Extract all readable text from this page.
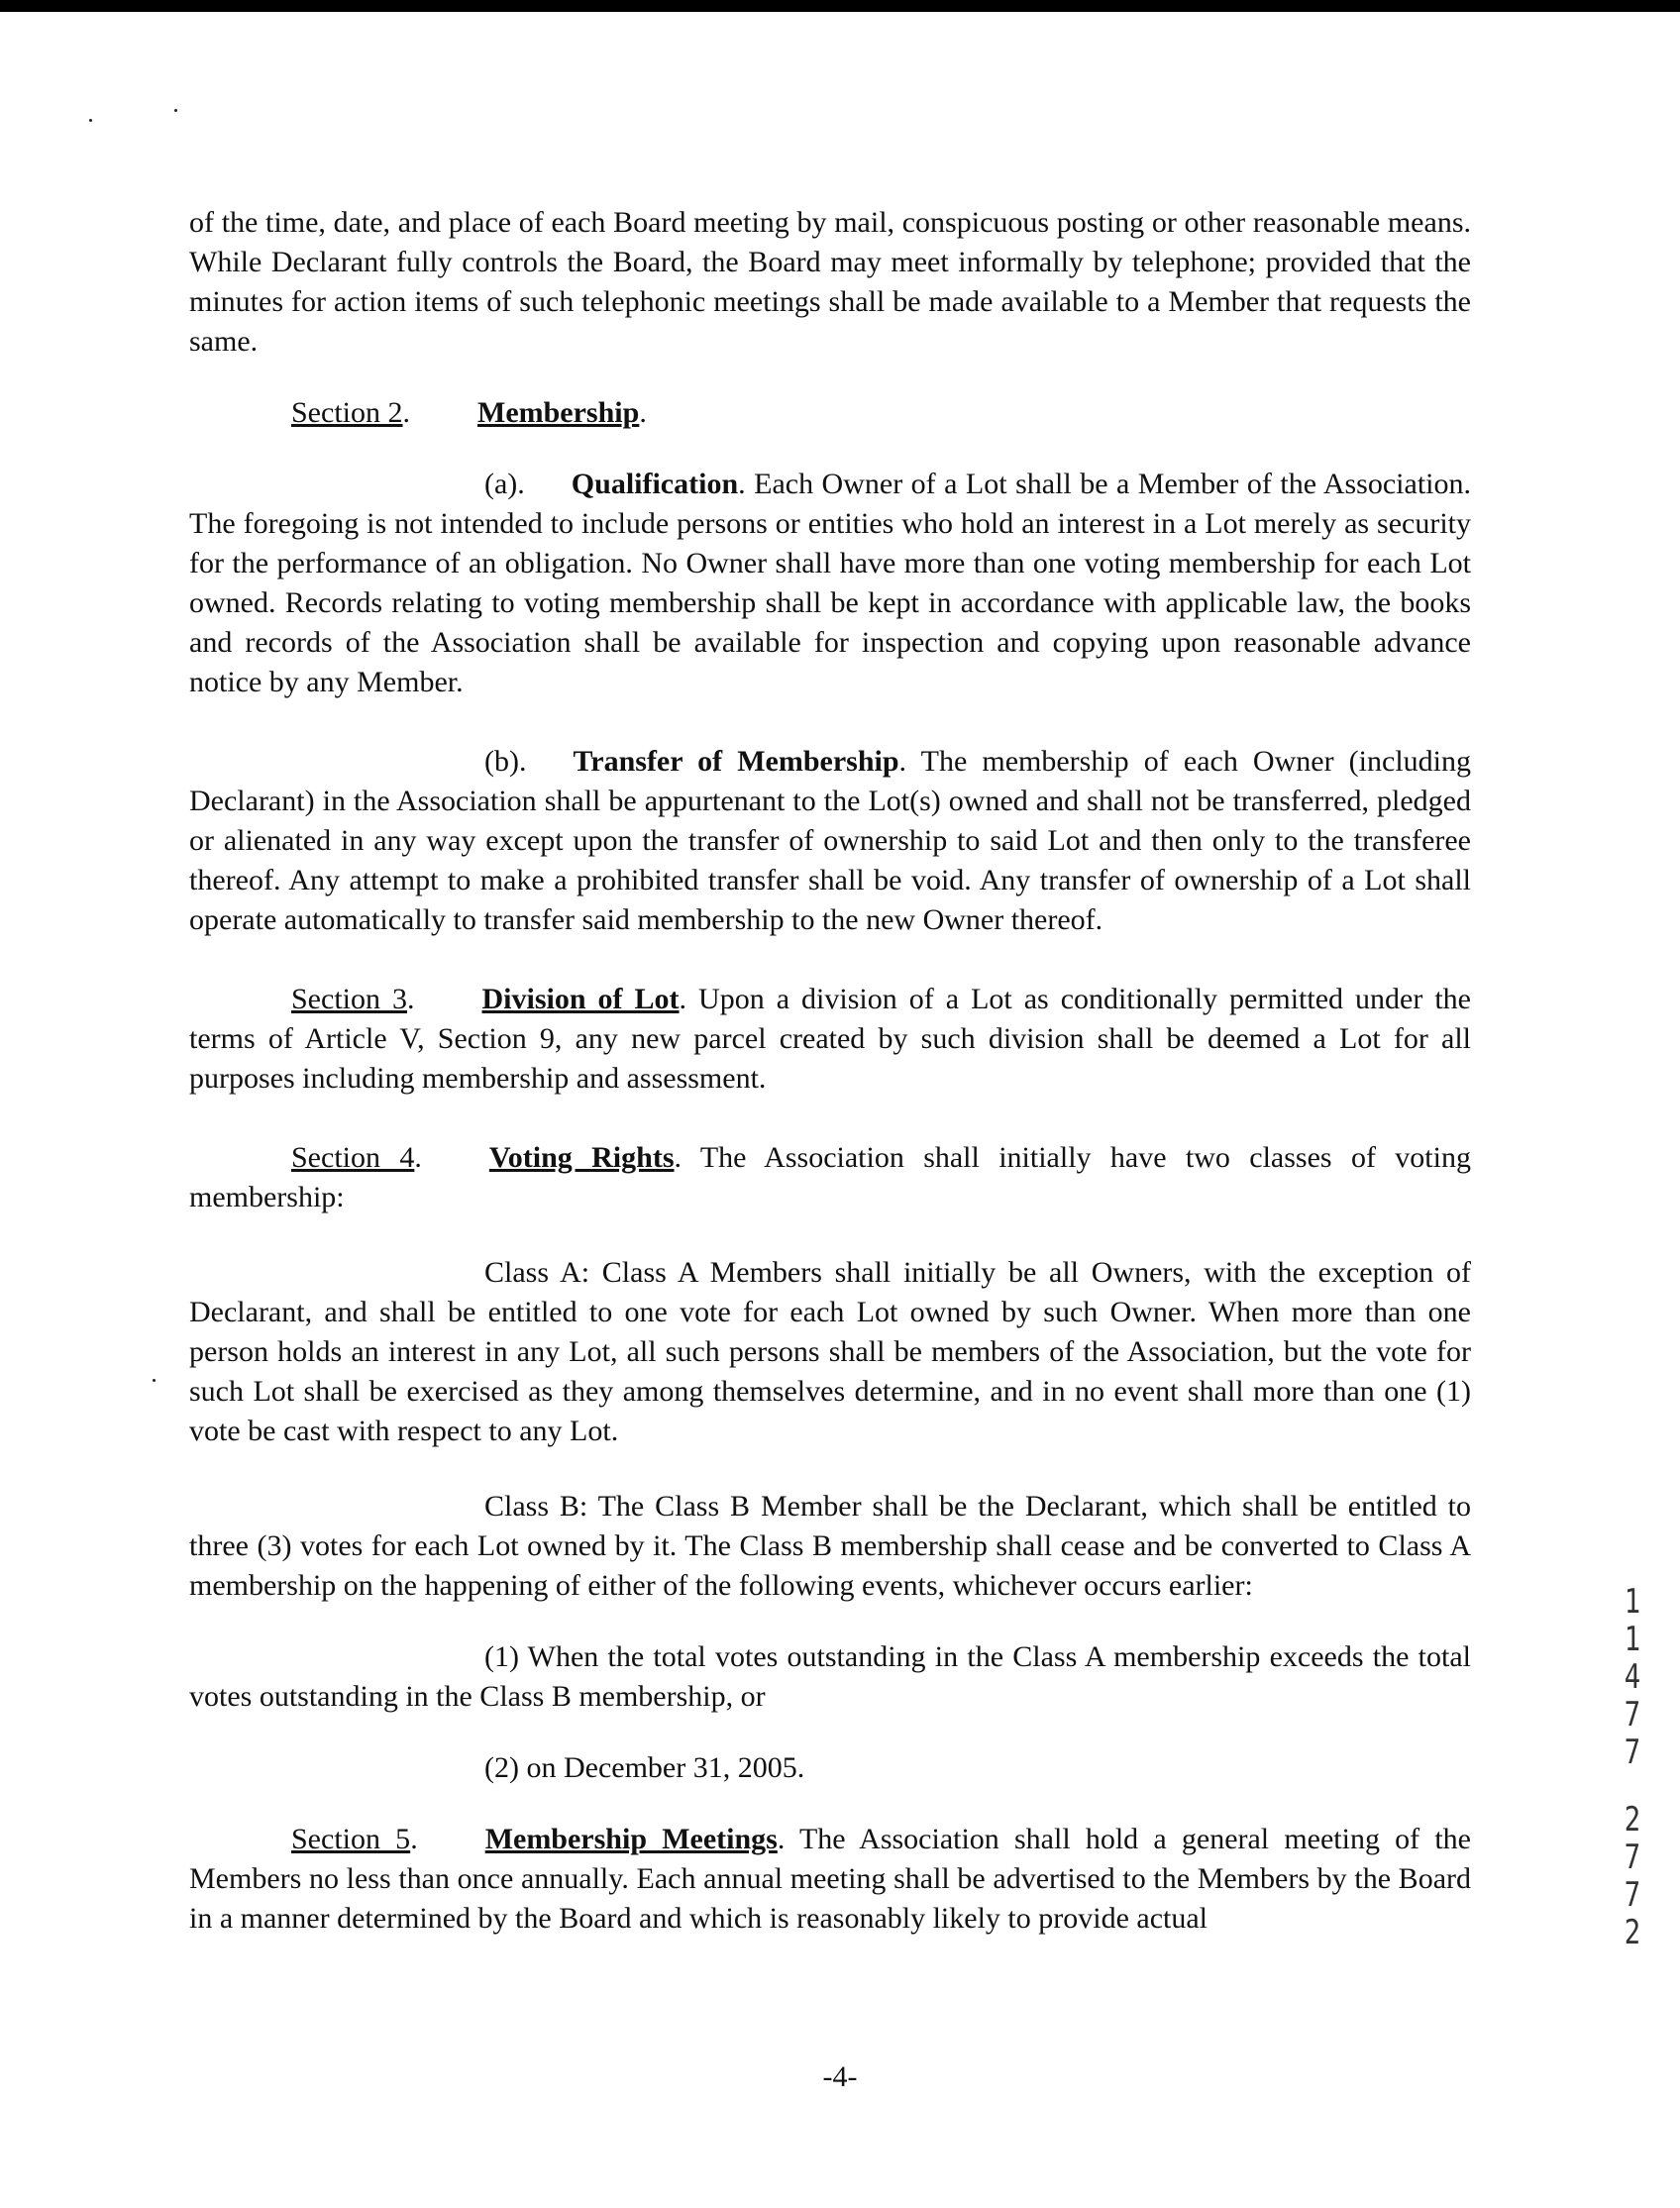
of the time, date, and place of each Board meeting by mail, conspicuous posting or other reasonable means. While Declarant fully controls the Board, the Board may meet informally by telephone; provided that the minutes for action items of such telephonic meetings shall be made available to a Member that requests the same.

Section 2. Membership.

(a). Qualification. Each Owner of a Lot shall be a Member of the Association. The foregoing is not intended to include persons or entities who hold an interest in a Lot merely as security for the performance of an obligation. No Owner shall have more than one voting membership for each Lot owned. Records relating to voting membership shall be kept in accordance with applicable law, the books and records of the Association shall be available for inspection and copying upon reasonable advance notice by any Member.

(b). Transfer of Membership. The membership of each Owner (including Declarant) in the Association shall be appurtenant to the Lot(s) owned and shall not be transferred, pledged or alienated in any way except upon the transfer of ownership to said Lot and then only to the transferee thereof. Any attempt to make a prohibited transfer shall be void. Any transfer of ownership of a Lot shall operate automatically to transfer said membership to the new Owner thereof.

Section 3. Division of Lot. Upon a division of a Lot as conditionally permitted under the terms of Article V, Section 9, any new parcel created by such division shall be deemed a Lot for all purposes including membership and assessment.

Section 4. Voting Rights. The Association shall initially have two classes of voting membership:

Class A: Class A Members shall initially be all Owners, with the exception of Declarant, and shall be entitled to one vote for each Lot owned by such Owner. When more than one person holds an interest in any Lot, all such persons shall be members of the Association, but the vote for such Lot shall be exercised as they among themselves determine, and in no event shall more than one (1) vote be cast with respect to any Lot.

Class B: The Class B Member shall be the Declarant, which shall be entitled to three (3) votes for each Lot owned by it. The Class B membership shall cease and be converted to Class A membership on the happening of either of the following events, whichever occurs earlier:

(1) When the total votes outstanding in the Class A membership exceeds the total votes outstanding in the Class B membership, or

(2) on December 31, 2005.

Section 5. Membership Meetings. The Association shall hold a general meeting of the Members no less than once annually. Each annual meeting shall be advertised to the Members by the Board in a manner determined by the Board and which is reasonably likely to provide actual

-4-
1
1
4
7
7
2
7
7
2
